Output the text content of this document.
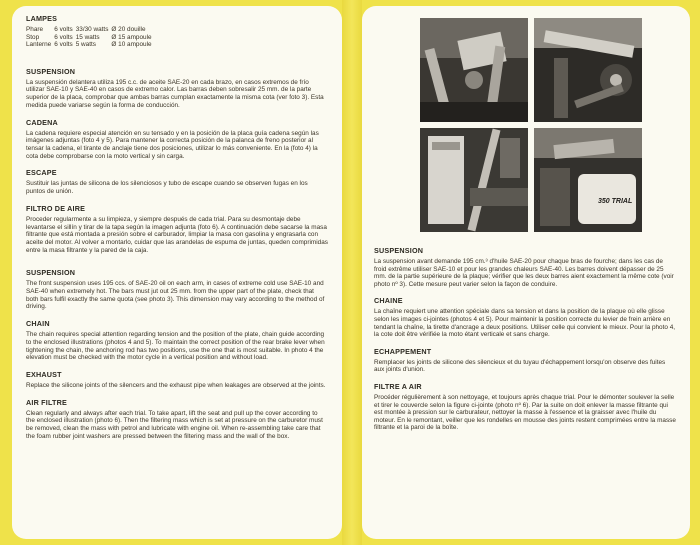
LAMPES
Phare	6 volts	33/30 watts	Ø 20 douille
Stop	6 volts	15 watts	Ø 15 ampoule
Lanterne	6 volts	5 watts	Ø 10 ampoule
SUSPENSION

La suspensión delantera utiliza 195 c.c. de aceite SAE-20 en cada brazo, en casos extremos de frío utilizar SAE-10 y SAE-40 en casos de extremo calor. Las barras deben sobresalir 25 mm. de la parte superior de la placa, comprobar que ambas barras cumplan exactamente la misma cota (ver foto 3). Esta medida puede variarse según la forma de conducción.

CADENA

La cadena requiere especial atención en su tensado y en la posición de la placa guía cadena según las imágenes adjuntas (foto 4 y 5). Para mantener la correcta posición de la palanca de freno posterior al tensar la cadena, el tirante de anclaje tiene dos posiciones, utilizar lo más conveniente. En la (foto 4) la cota debe comprobarse con la moto vertical y sin carga.

ESCAPE

Sustituir las juntas de silicona de los silenciosos y tubo de escape cuando se observen fugas en los puntos de unión.

FILTRO DE AIRE

Proceder regularmente a su limpieza, y siempre después de cada trial. Para su desmontaje debe levantarse el sillín y tirar de la tapa según la imagen adjunta (foto 6). A continuación debe sacarse la masa filtrante que está montada a presión sobre el carburador, limpiar la masa con gasolina y engrasarla con aceite del motor. Al volver a montarlo, cuidar que las arandelas de espuma de juntas, queden comprimidas entre la masa filtrante y la pared de la caja.

SUSPENSION

The front suspension uses 195 ccs. of SAE-20 oil on each arm, in cases of extreme cold use SAE-10 and SAE-40 when extremely hot. The bars must jut out 25 mm. from the upper part of the plate, check that both bars fulfil exactly the same quota (see photo 3). This dimension may vary according to the method of driving.

CHAIN

The chain requires special attention regarding tension and the position of the plate, chain guide according to the enclosed illustrations (photos 4 and 5). To maintain the correct position of the rear brake lever when tightening the chain, the anchoring rod has two positions, use the one that is most suitable. In photo 4 the elevation must be checked with the motor cycle in a vertical position and without load.

EXHAUST

Replace the silicone joints of the silencers and the exhaust pipe when leakages are observed at the joints.

AIR FILTRE

Clean regularly and always after each trial. To take apart, lift the seat and pull up the cover according to the enclosed illustration (photo 6). Then the filtering mass which is set at pressure on the carburetor must be removed, clean the mass with petrol and lubricate with engine oil. When re-assembling take care that the foam rubber joint washers are pressed between the filtering mass and the wall of the box.

350 TRIAL
SUSPENSION

La suspension avant demande 195 cm.³ d'huile SAE-20 pour chaque bras de fourche; dans les cas de froid extrême utiliser SAE-10 et pour les grandes chaleurs SAE-40. Les barres doivent dépasser de 25 mm. de la partie supérieure de la plaque; vérifier que les deux barres aient exactement la même cote (voir photo nº 3). Cette mesure peut varier selon la façon de conduire.

CHAINE

La chaîne requiert une attention spéciale dans sa tension et dans la position de la plaque où elle glisse selon les images ci-jointes (photos 4 et 5). Pour maintenir la position correcte du levier de frein arrière en tendant la chaîne, la tirette d'ancrage a deux positions. Utiliser celle qui convient le mieux. Pour la photo 4, la cote doit être vérifiée la moto étant verticale et sans charge.

ECHAPPEMENT

Remplacer les joints de silicone des silencieux et du tuyau d'échappement lorsqu'on observe des fuites aux joints d'union.

FILTRE A AIR

Procéder régulièrement à son nettoyage, et toujours après chaque trial. Pour le démonter soulever la selle et tirer le couvercle selon la figure ci-jointe (photo nº 6). Par la suite on doit enlever la masse filtrante qui est montée à pression sur le carburateur, nettoyer la masse à l'essence et la graisser avec l'huile du moteur. En le remontant, veiller que les rondelles en mousse des joints restent comprimées entre la masse filtrante et la paroi de la boîte.
